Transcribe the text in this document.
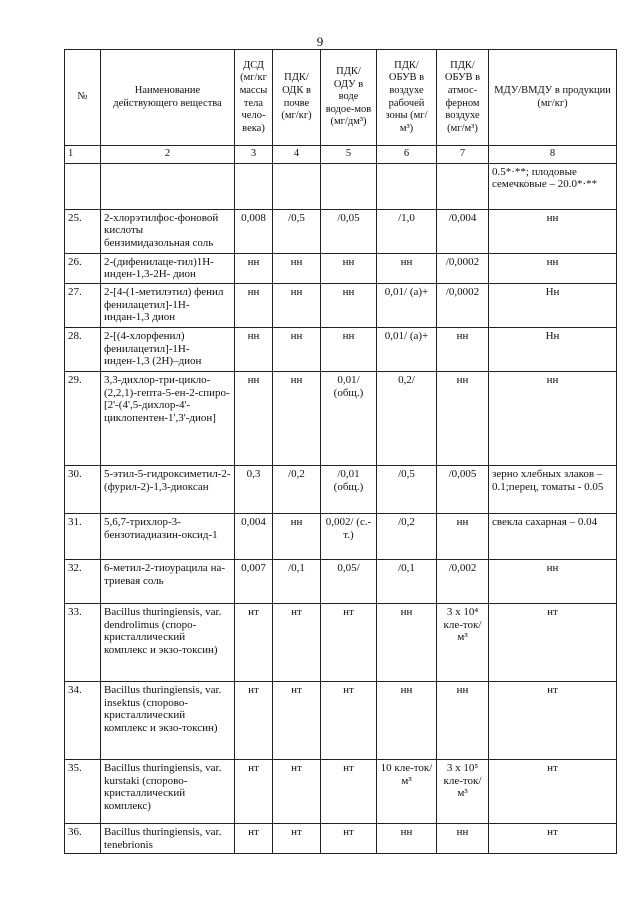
9
№	Наименование действующего вещества	ДСД (мг/кг массы тела чело-века)	ПДК/ ОДК в почве (мг/кг)	ПДК/ ОДУ в воде водое-мов (мг/дм³)	ПДК/ ОБУВ в воздухе рабочей зоны (мг/м³)	ПДК/ ОБУВ в атмос-ферном воздухе (мг/м³)	МДУ/ВМДУ в продукции (мг/кг)
1	2	3	4	5	6	7	8
							0.5*·**; плодовые семечковые – 20.0*·**
25.	2-хлорэтилфос-фоновой кислоты бензимидазольная соль	0,008	/0,5	/0,05	/1,0	/0,004	нн
26.	2-(дифенилаце-тил)1Н-инден-1,3-2Н- дион	нн	нн	нн	нн	/0,0002	нн
27.	2-[4-(1-метилэтил) фенил фенилацетил]-1Н-индан-1,3 дион	нн	нн	нн	0,01/ (а)+	/0,0002	Нн
28.	2-[(4-хлорфенил) фенилацетил]-1Н-инден-1,3 (2Н)–дион	нн	нн	нн	0,01/ (а)+	нн	Нн
29.	3,3-дихлор-три-цикло-(2,2,1)-гепта-5-ен-2-спиро-[2'-(4',5-дихлор-4'-циклопентен-1',3'-дион]	нн	нн	0,01/ (общ.)	0,2/	нн	нн
30.	5-этил-5-гидроксиметил-2-(фурил-2)-1,3-диоксан	0,3	/0,2	/0,01 (общ.)	/0,5	/0,005	зерно хлебных злаков – 0.1;перец, томаты - 0.05
31.	5,6,7-трихлор-3-бензотиадиазин-оксид-1	0,004	нн	0,002/ (с.-т.)	/0,2	нн	свекла сахарная – 0.04
32.	6-метил-2-тиоурацила на-триевая соль	0,007	/0,1	0,05/	/0,1	/0,002	нн
33.	Bacillus thuringiensis, var. dendrolimus (споро-кристаллический комплекс и экзо-токсин)	нт	нт	нт	нн	3 x 10⁴ кле-ток/м³	нт
34.	Bacillus thuringiensis, var. insektus (спорово-кристаллический комплекс и экзо-токсин)	нт	нт	нт	нн	нн	нт
35.	Bacillus thuringiensis, var. kurstaki (спорово-кристаллический комплекс)	нт	нт	нт	10 кле-ток/м³	3 x 10⁵ кле-ток/м³	нт
36.	Bacillus thuringiensis, var. tenebrionis	нт	нт	нт	нн	нн	нт
